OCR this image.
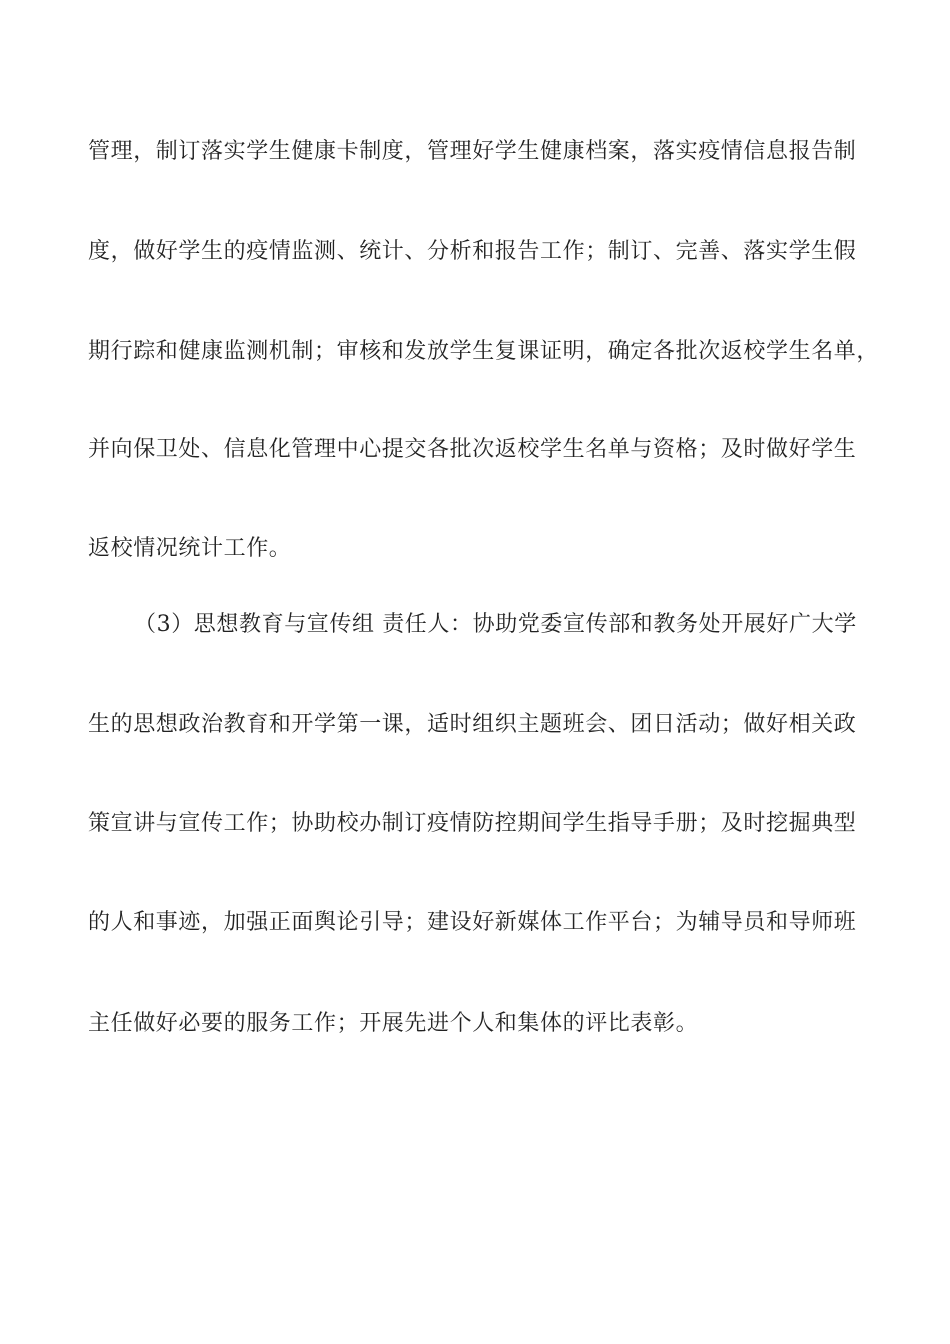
管理，制订落实学生健康卡制度，管理好学生健康档案，落实疫情信息报告制
度，做好学生的疫情监测、统计、分析和报告工作；制订、完善、落实学生假
期行踪和健康监测机制；审核和发放学生复课证明，确定各批次返校学生名单，
并向保卫处、信息化管理中心提交各批次返校学生名单与资格；及时做好学生
返校情况统计工作。
（3）思想教育与宣传组 责任人：协助党委宣传部和教务处开展好广大学
生的思想政治教育和开学第一课，适时组织主题班会、团日活动；做好相关政
策宣讲与宣传工作；协助校办制订疫情防控期间学生指导手册；及时挖掘典型
的人和事迹，加强正面舆论引导；建设好新媒体工作平台；为辅导员和导师班
主任做好必要的服务工作；开展先进个人和集体的评比表彰。
